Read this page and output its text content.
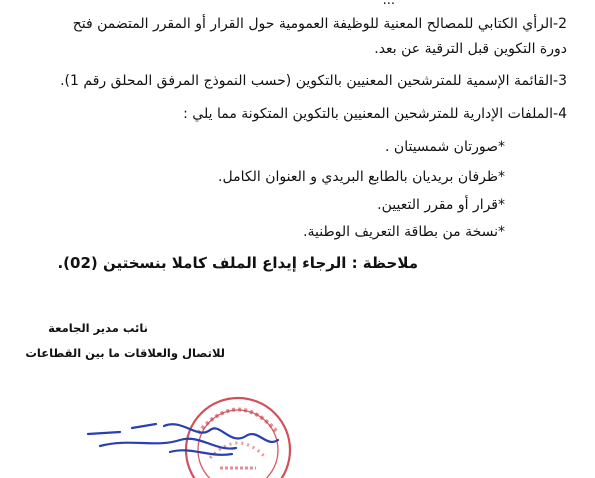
...
2-الرأي الكتابي للمصالح المعنية للوظيفة العمومية حول القرار أو المقرر المتضمن فتح
دورة التكوين قبل الترقية عن بعد.
3-القائمة الإسمية للمترشحين المعنيين بالتكوين (حسب النموذج المرفق المحلق رقم 1).
4-الملفات الإدارية للمترشحين المعنيين بالتكوين المتكونة مما يلي :
*صورتان شمسيتان .
*ظرفان بريديان بالطابع البريدي و العنوان الكامل.
*قرار أو مقرر التعيين.
*نسخة من بطاقة التعريف الوطنية.
ملاحظة : الرجاء إيداع الملف كاملا بنسختين (02).
نائب مدير الجامعة
للاتصال والعلاقات ما بين القطاعات
